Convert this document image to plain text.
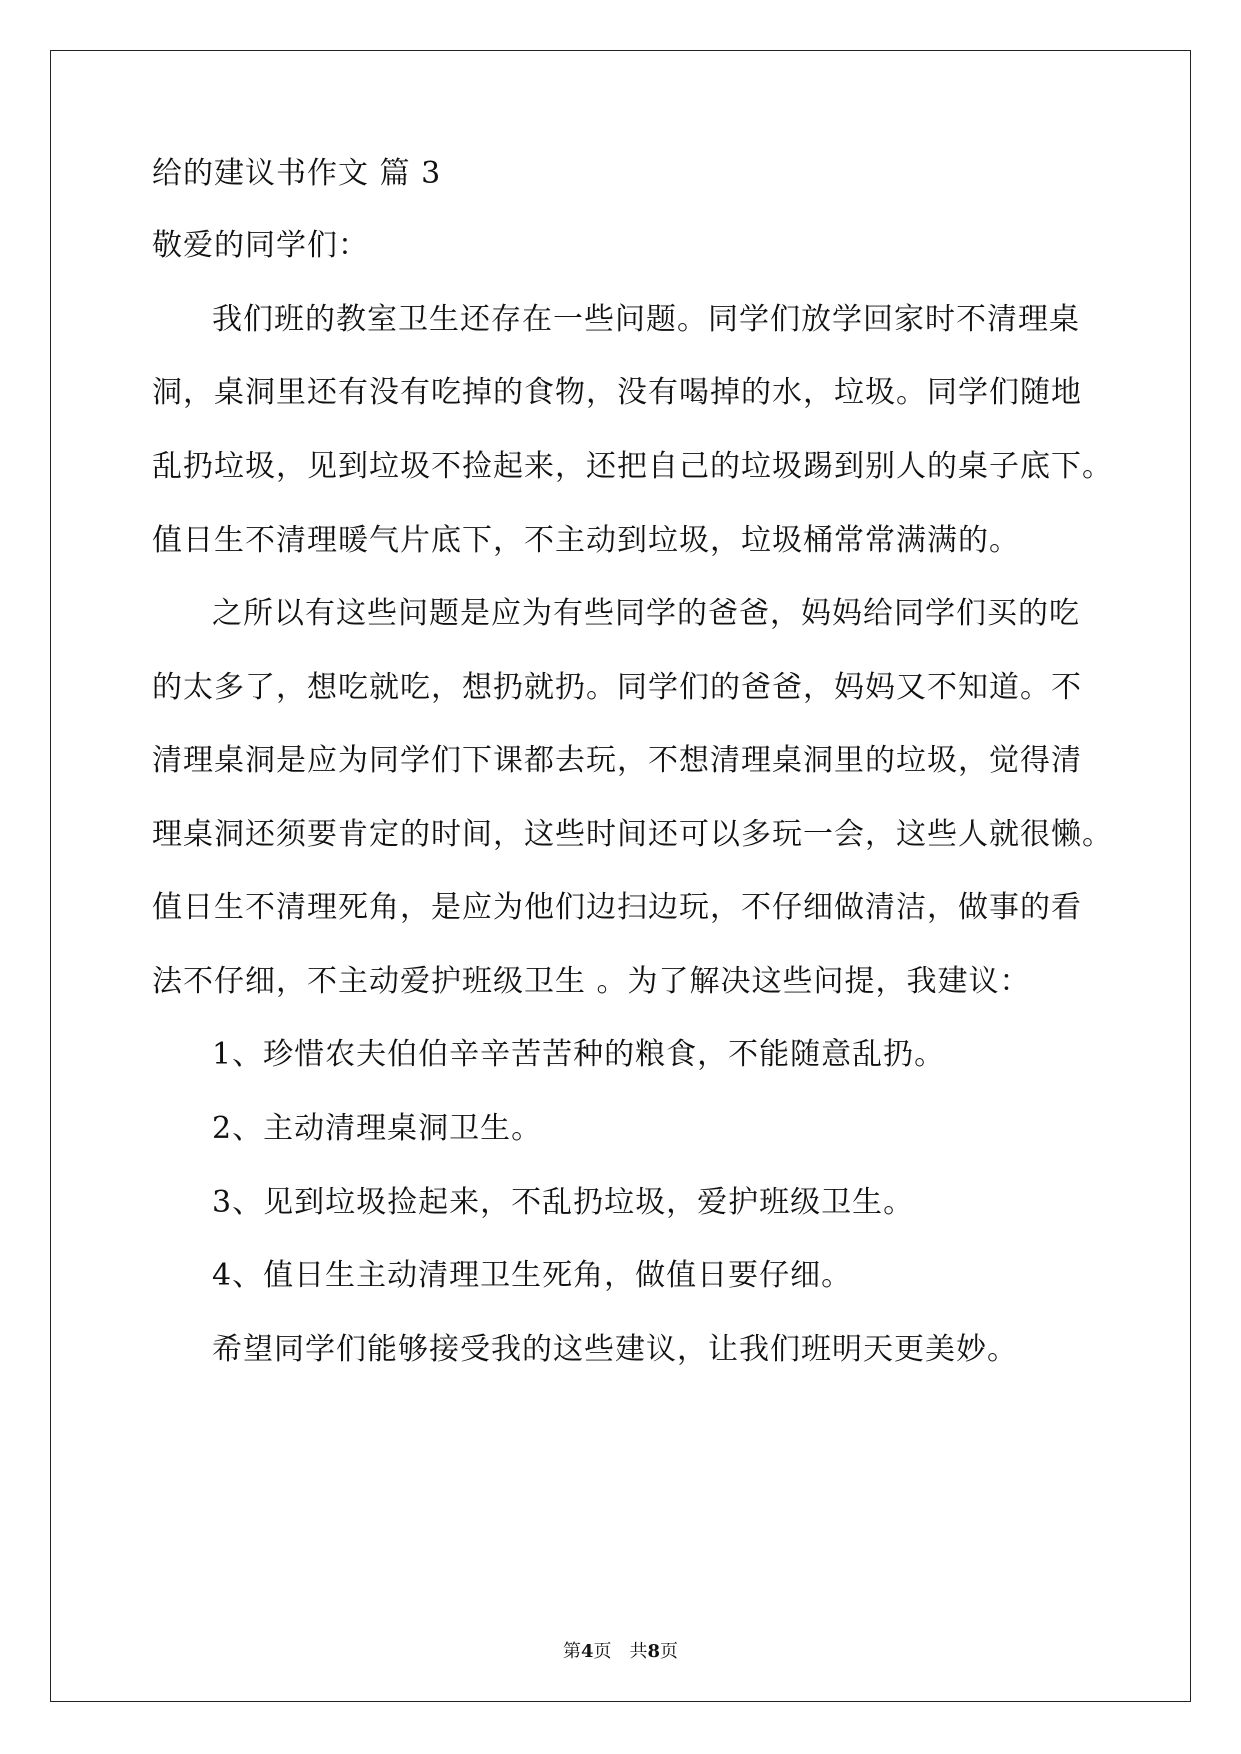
给的建议书作文 篇 3
敬爱的同学们：
我们班的教室卫生还存在一些问题。同学们放学回家时不清理桌
洞，桌洞里还有没有吃掉的食物，没有喝掉的水，垃圾。同学们随地
乱扔垃圾，见到垃圾不捡起来，还把自己的垃圾踢到别人的桌子底下。
值日生不清理暖气片底下，不主动到垃圾，垃圾桶常常满满的。
之所以有这些问题是应为有些同学的爸爸，妈妈给同学们买的吃
的太多了，想吃就吃，想扔就扔。同学们的爸爸，妈妈又不知道。不
清理桌洞是应为同学们下课都去玩，不想清理桌洞里的垃圾，觉得清
理桌洞还须要肯定的时间，这些时间还可以多玩一会，这些人就很懒。
值日生不清理死角，是应为他们边扫边玩，不仔细做清洁，做事的看
法不仔细，不主动爱护班级卫生 。为了解决这些问提，我建议：
1、珍惜农夫伯伯辛辛苦苦种的粮食，不能随意乱扔。
2、主动清理桌洞卫生。
3、见到垃圾捡起来，不乱扔垃圾，爱护班级卫生。
4、值日生主动清理卫生死角，做值日要仔细。
希望同学们能够接受我的这些建议，让我们班明天更美妙。
第4页 共8页
